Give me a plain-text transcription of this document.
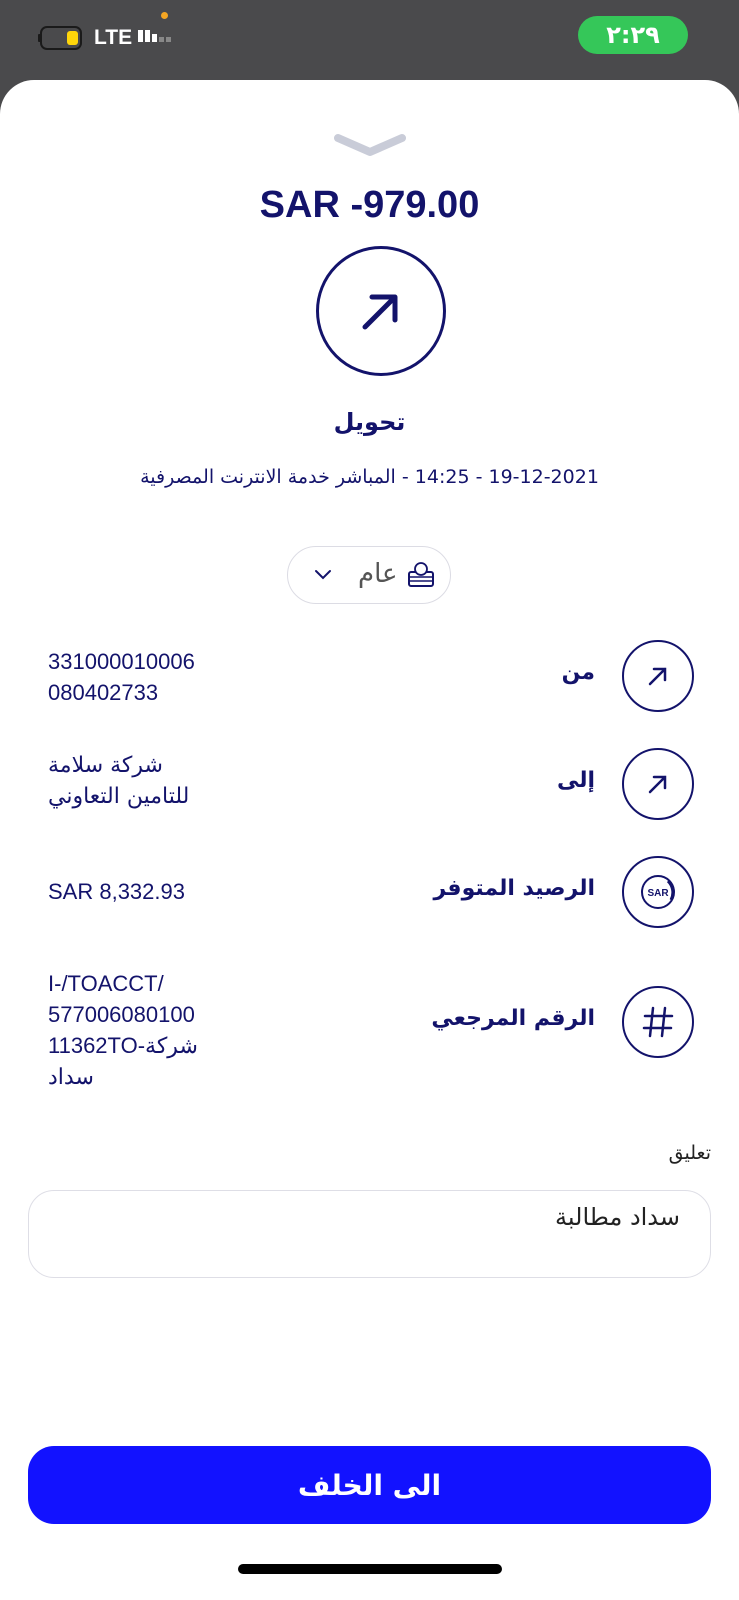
LTE	٢:٢٩
SAR -979.00
تحويل
19-12-2021 - 14:25 - المباشر خدمة الانترنت المصرفية
عام
من
331000010006
080402733
إلى
شركة سلامة
للتامين التعاوني
SAR
الرصيد المتوفر
SAR 8,332.93
الرقم المرجعي
I-/TOACCT/
577006080100
11362TO-شركة
سداد
تعليق
سداد مطالبة
الى الخلف
